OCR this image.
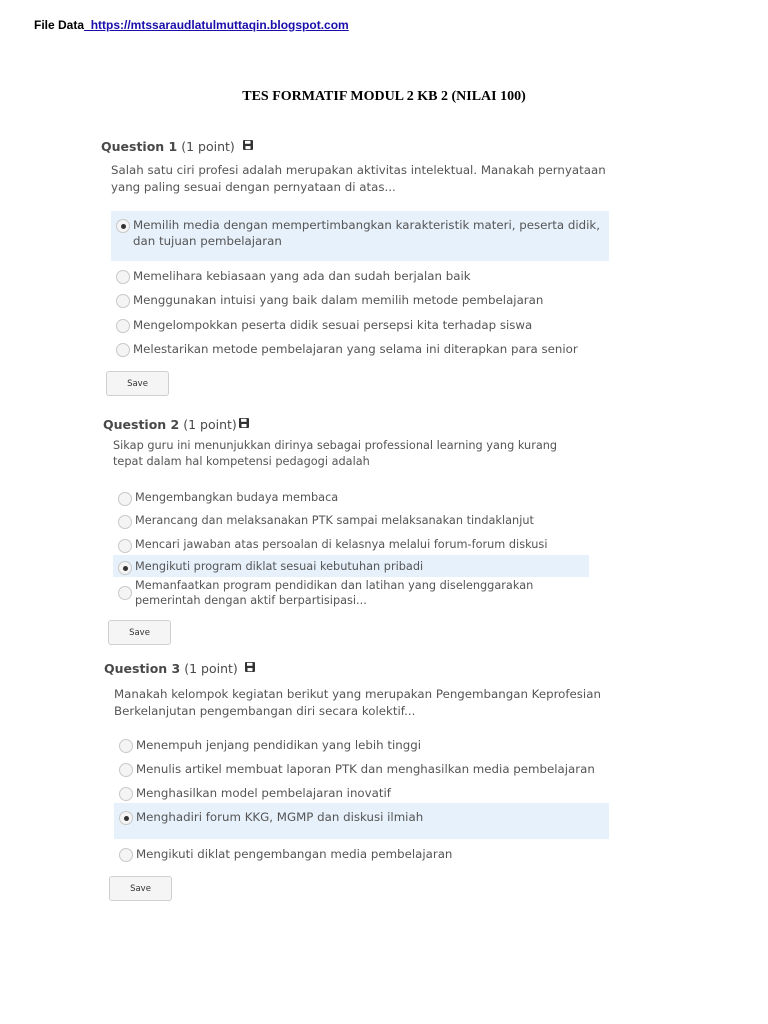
File Data_https://mtssaraudlatulmuttaqin.blogspot.com
TES FORMATIF MODUL 2 KB 2 (NILAI 100)
Question 1 (1 point)
Salah satu ciri profesi adalah merupakan aktivitas intelektual. Manakah pernyataan yang paling sesuai dengan pernyataan di atas...
Memilih media dengan mempertimbangkan karakteristik materi, peserta didik, dan tujuan pembelajaran
Memelihara kebiasaan yang ada dan sudah berjalan baik
Menggunakan intuisi yang baik dalam memilih metode pembelajaran
Mengelompokkan peserta didik sesuai persepsi kita terhadap siswa
Melestarikan metode pembelajaran yang selama ini diterapkan para senior
Save
Question 2 (1 point)
Sikap guru ini menunjukkan dirinya sebagai professional learning yang kurang tepat dalam hal kompetensi pedagogi adalah
Mengembangkan budaya membaca
Merancang dan melaksanakan PTK sampai melaksanakan tindaklanjut
Mencari jawaban atas persoalan di kelasnya melalui forum-forum diskusi
Mengikuti program diklat sesuai kebutuhan pribadi
Memanfaatkan program pendidikan dan latihan yang diselenggarakan pemerintah dengan aktif berpartisipasi...
Save
Question 3 (1 point)
Manakah kelompok kegiatan berikut yang merupakan Pengembangan Keprofesian Berkelanjutan pengembangan diri secara kolektif...
Menempuh jenjang pendidikan yang lebih tinggi
Menulis artikel membuat laporan PTK dan menghasilkan media pembelajaran
Menghasilkan model pembelajaran inovatif
Menghadiri forum KKG, MGMP dan diskusi ilmiah
Mengikuti diklat pengembangan media pembelajaran
Save
